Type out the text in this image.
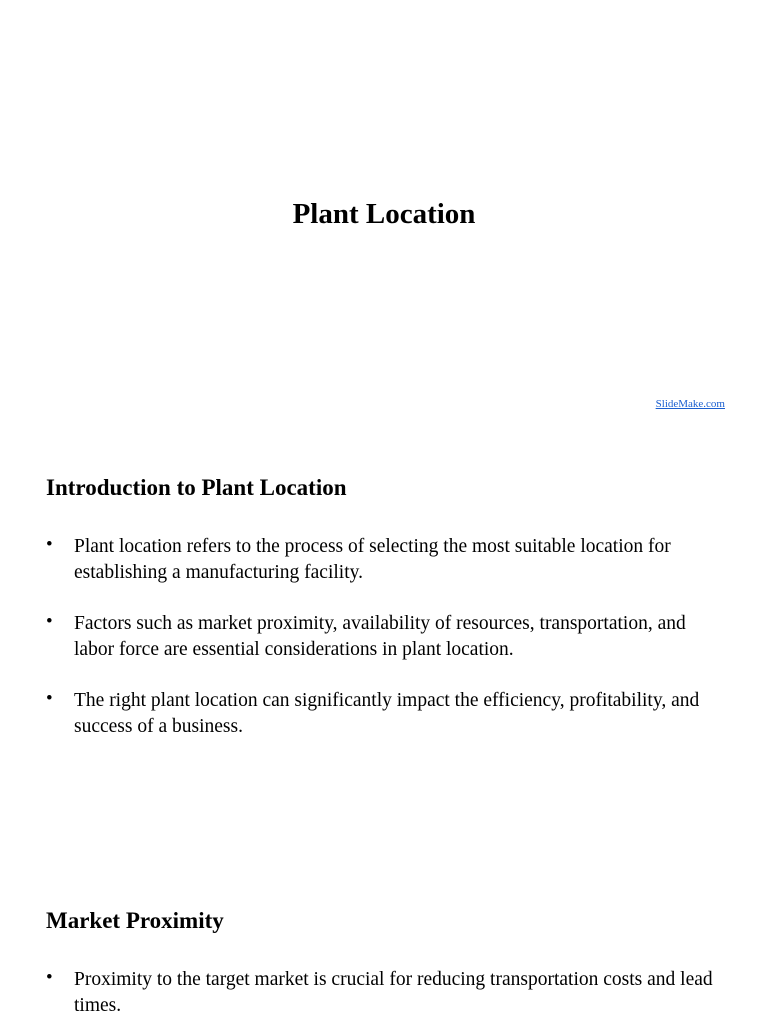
Plant Location
SlideMake.com
Introduction to Plant Location
• Plant location refers to the process of selecting the most suitable location for establishing a manufacturing facility.
• Factors such as market proximity, availability of resources, transportation, and labor force are essential considerations in plant location.
• The right plant location can significantly impact the efficiency, profitability, and success of a business.
Market Proximity
• Proximity to the target market is crucial for reducing transportation costs and lead times.
